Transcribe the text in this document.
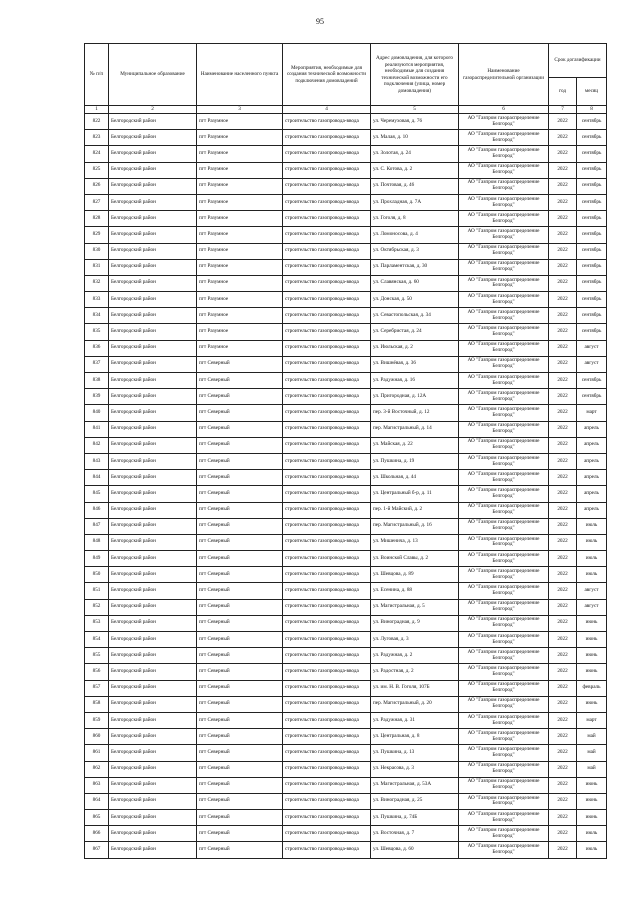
95
№ п/п	Муниципальное образование	Наименование населенного пункта	Мероприятия, необходимые для создания технической возможности подключения домовладений	Адрес домовладения, для которого реализуются мероприятия, необходимые для создания технической возможности его подключения (улица, номер домовладения)	Наименование газораспределительной организации	Срок догазификации	
						год	месяц
1	2	3	4	5	6	7	8
822	Белгородский район	пгт Разумное	строительство газопровода-ввода	ул. Черемуховая, д. 76	АО "Газпром газораспределение Белгород"	2022	сентябрь
823	Белгородский район	пгт Разумное	строительство газопровода-ввода	ул. Малая, д. 10	АО "Газпром газораспределение Белгород"	2022	сентябрь
824	Белгородский район	пгт Разумное	строительство газопровода-ввода	ул. Золотая, д. 24	АО "Газпром газораспределение Белгород"	2022	сентябрь
825	Белгородский район	пгт Разумное	строительство газопровода-ввода	ул. С. Котова, д. 2	АО "Газпром газораспределение Белгород"	2022	сентябрь
826	Белгородский район	пгт Разумное	строительство газопровода-ввода	ул. Почтовая, д. 46	АО "Газпром газораспределение Белгород"	2022	сентябрь
827	Белгородский район	пгт Разумное	строительство газопровода-ввода	ул. Прохладная, д. 7А	АО "Газпром газораспределение Белгород"	2022	сентябрь
828	Белгородский район	пгт Разумное	строительство газопровода-ввода	ул. Гоголя, д. 8	АО "Газпром газораспределение Белгород"	2022	сентябрь
829	Белгородский район	пгт Разумное	строительство газопровода-ввода	ул. Ломоносова, д. 4	АО "Газпром газораспределение Белгород"	2022	сентябрь
830	Белгородский район	пгт Разумное	строительство газопровода-ввода	ул. Октябрьская, д. 3	АО "Газпром газораспределение Белгород"	2022	сентябрь
831	Белгородский район	пгт Разумное	строительство газопровода-ввода	ул. Парламентская, д. 30	АО "Газпром газораспределение Белгород"	2022	сентябрь
832	Белгородский район	пгт Разумное	строительство газопровода-ввода	ул. Славянская, д. 60	АО "Газпром газораспределение Белгород"	2022	сентябрь
833	Белгородский район	пгт Разумное	строительство газопровода-ввода	ул. Донская, д. 50	АО "Газпром газораспределение Белгород"	2022	сентябрь
834	Белгородский район	пгт Разумное	строительство газопровода-ввода	ул. Севастопольская, д. 34	АО "Газпром газораспределение Белгород"	2022	сентябрь
835	Белгородский район	пгт Разумное	строительство газопровода-ввода	ул. Серебристая, д. 24	АО "Газпром газораспределение Белгород"	2022	сентябрь
836	Белгородский район	пгт Разумное	строительство газопровода-ввода	ул. Июльская, д. 2	АО "Газпром газораспределение Белгород"	2022	август
837	Белгородский район	пгт Северный	строительство газопровода-ввода	ул. Вишнёвая, д. 36	АО "Газпром газораспределение Белгород"	2022	август
838	Белгородский район	пгт Северный	строительство газопровода-ввода	ул. Радужная, д. 16	АО "Газпром газораспределение Белгород"	2022	сентябрь
839	Белгородский район	пгт Северный	строительство газопровода-ввода	ул. Пригородная, д. 12А	АО "Газпром газораспределение Белгород"	2022	сентябрь
840	Белгородский район	пгт Северный	строительство газопровода-ввода	пер. 3-й Восточный, д. 12	АО "Газпром газораспределение Белгород"	2022	март
841	Белгородский район	пгт Северный	строительство газопровода-ввода	пер. Магистральный, д. 14	АО "Газпром газораспределение Белгород"	2022	апрель
842	Белгородский район	пгт Северный	строительство газопровода-ввода	ул. Майская, д. 22	АО "Газпром газораспределение Белгород"	2022	апрель
843	Белгородский район	пгт Северный	строительство газопровода-ввода	ул. Пушкина, д. 19	АО "Газпром газораспределение Белгород"	2022	апрель
844	Белгородский район	пгт Северный	строительство газопровода-ввода	ул. Школьная, д. 44	АО "Газпром газораспределение Белгород"	2022	апрель
845	Белгородский район	пгт Северный	строительство газопровода-ввода	ул. Центральный б-р, д. 11	АО "Газпром газораспределение Белгород"	2022	апрель
846	Белгородский район	пгт Северный	строительство газопровода-ввода	пер. 1-й Майский, д. 2	АО "Газпром газораспределение Белгород"	2022	апрель
847	Белгородский район	пгт Северный	строительство газопровода-ввода	пер. Магистральный, д. 16	АО "Газпром газораспределение Белгород"	2022	июль
848	Белгородский район	пгт Северный	строительство газопровода-ввода	ул. Мишенича, д. 13	АО "Газпром газораспределение Белгород"	2022	июль
849	Белгородский район	пгт Северный	строительство газопровода-ввода	ул. Воинской Славы, д. 2	АО "Газпром газораспределение Белгород"	2022	июль
850	Белгородский район	пгт Северный	строительство газопровода-ввода	ул. Шевцова, д. 89	АО "Газпром газораспределение Белгород"	2022	июль
851	Белгородский район	пгт Северный	строительство газопровода-ввода	ул. Есенина, д. 88	АО "Газпром газораспределение Белгород"	2022	август
852	Белгородский район	пгт Северный	строительство газопровода-ввода	ул. Магистральная, д. 5	АО "Газпром газораспределение Белгород"	2022	август
853	Белгородский район	пгт Северный	строительство газопровода-ввода	ул. Виноградная, д. 9	АО "Газпром газораспределение Белгород"	2022	июнь
854	Белгородский район	пгт Северный	строительство газопровода-ввода	ул. Луговая, д. 3	АО "Газпром газораспределение Белгород"	2022	июнь
855	Белгородский район	пгт Северный	строительство газопровода-ввода	ул. Радужная, д. 2	АО "Газпром газораспределение Белгород"	2022	июнь
856	Белгородский район	пгт Северный	строительство газопровода-ввода	ул. Радостная, д. 2	АО "Газпром газораспределение Белгород"	2022	июнь
857	Белгородский район	пгт Северный	строительство газопровода-ввода	ул. им. Н. В. Гоголя, 107Б	АО "Газпром газораспределение Белгород"	2022	февраль
858	Белгородский район	пгт Северный	строительство газопровода-ввода	пер. Магистральный, д. 20	АО "Газпром газораспределение Белгород"	2022	июнь
859	Белгородский район	пгт Северный	строительство газопровода-ввода	ул. Радужная, д. 31	АО "Газпром газораспределение Белгород"	2022	март
860	Белгородский район	пгт Северный	строительство газопровода-ввода	ул. Центральная, д. 8	АО "Газпром газораспределение Белгород"	2022	май
861	Белгородский район	пгт Северный	строительство газопровода-ввода	ул. Пушкина, д. 13	АО "Газпром газораспределение Белгород"	2022	май
862	Белгородский район	пгт Северный	строительство газопровода-ввода	ул. Некрасова, д. 3	АО "Газпром газораспределение Белгород"	2022	май
863	Белгородский район	пгт Северный	строительство газопровода-ввода	ул. Магистральная, д. 53А	АО "Газпром газораспределение Белгород"	2022	июнь
864	Белгородский район	пгт Северный	строительство газопровода-ввода	ул. Виноградная, д. 25	АО "Газпром газораспределение Белгород"	2022	июнь
865	Белгородский район	пгт Северный	строительство газопровода-ввода	ул. Пушкина, д. 74Б	АО "Газпром газораспределение Белгород"	2022	июнь
866	Белгородский район	пгт Северный	строительство газопровода-ввода	ул. Восточная, д. 7	АО "Газпром газораспределение Белгород"	2022	июль
867	Белгородский район	пгт Северный	строительство газопровода-ввода	ул. Шевцова, д. 60	АО "Газпром газораспределение Белгород"	2022	июль
